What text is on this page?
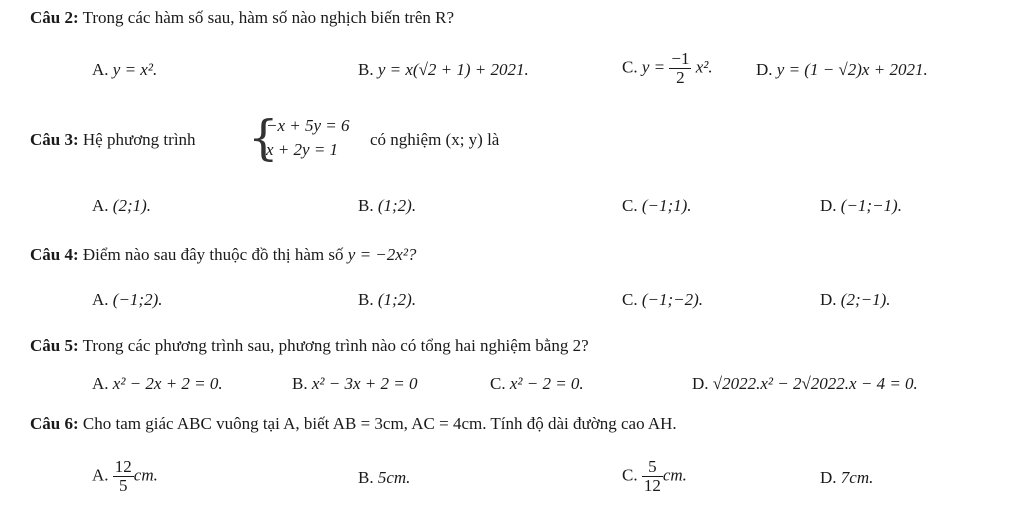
Câu 2: Trong các hàm số sau, hàm số nào nghịch biến trên R?
A. y = x².	B. y = x(√2 + 1) + 2021.	C. $y = \frac{-1}{2} x^2$.	D. y = (1 − √2)x + 2021.
Câu 3: Hệ phương trình {
−x + 5y = 6
x + 2y = 1
có nghiệm (x; y) là
A. (2;1).	B. (1;2).	C. (−1;1).	D. (−1;−1).
Câu 4: Điểm nào sau đây thuộc đồ thị hàm số y = −2x²?
A. (−1;2).	B. (1;2).	C. (−1;−2).	D. (2;−1).
Câu 5: Trong các phương trình sau, phương trình nào có tổng hai nghiệm bằng 2?
A. x² − 2x + 2 = 0.	B. x² − 3x + 2 = 0	C. x² − 2 = 0.	D. √2022.x² − 2√2022.x − 4 = 0.
Câu 6: Cho tam giác ABC vuông tại A, biết AB = 3cm, AC = 4cm. Tính độ dài đường cao AH.
A. $\frac{12}{5}$ cm.	B. 5cm.	C. $\frac{5}{12}$ cm.	D. 7cm.
